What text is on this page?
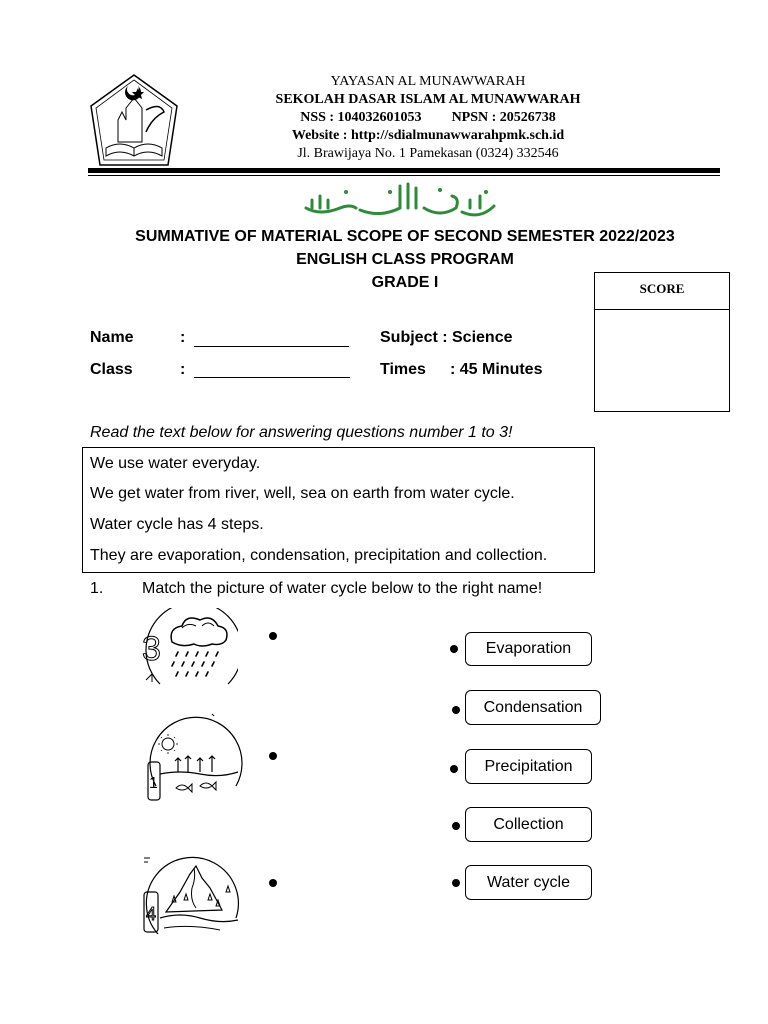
YAYASAN AL MUNAWWARAH
SEKOLAH DASAR ISLAM AL MUNAWWARAH
NSS : 104032601053 NPSN : 20526738
Website : http://sdialmunawwarahpmk.sch.id
Jl. Brawijaya No. 1 Pamekasan (0324) 332546
SUMMATIVE OF MATERIAL SCOPE OF SECOND SEMESTER 2022/2023
ENGLISH CLASS PROGRAM
GRADE I	SCORE
Name	:	Subject : Science
Class	:	Times : 45 Minutes
Read the text below for answering questions number 1 to 3!
We use water everyday.
We get water from river, well, sea on earth from water cycle.
Water cycle has 4 steps.
They are evaporation, condensation, precipitation and collection.
1. Match the picture of water cycle below to the right name!
3
1
4
Evaporation
Condensation
Precipitation
Collection
Water cycle
